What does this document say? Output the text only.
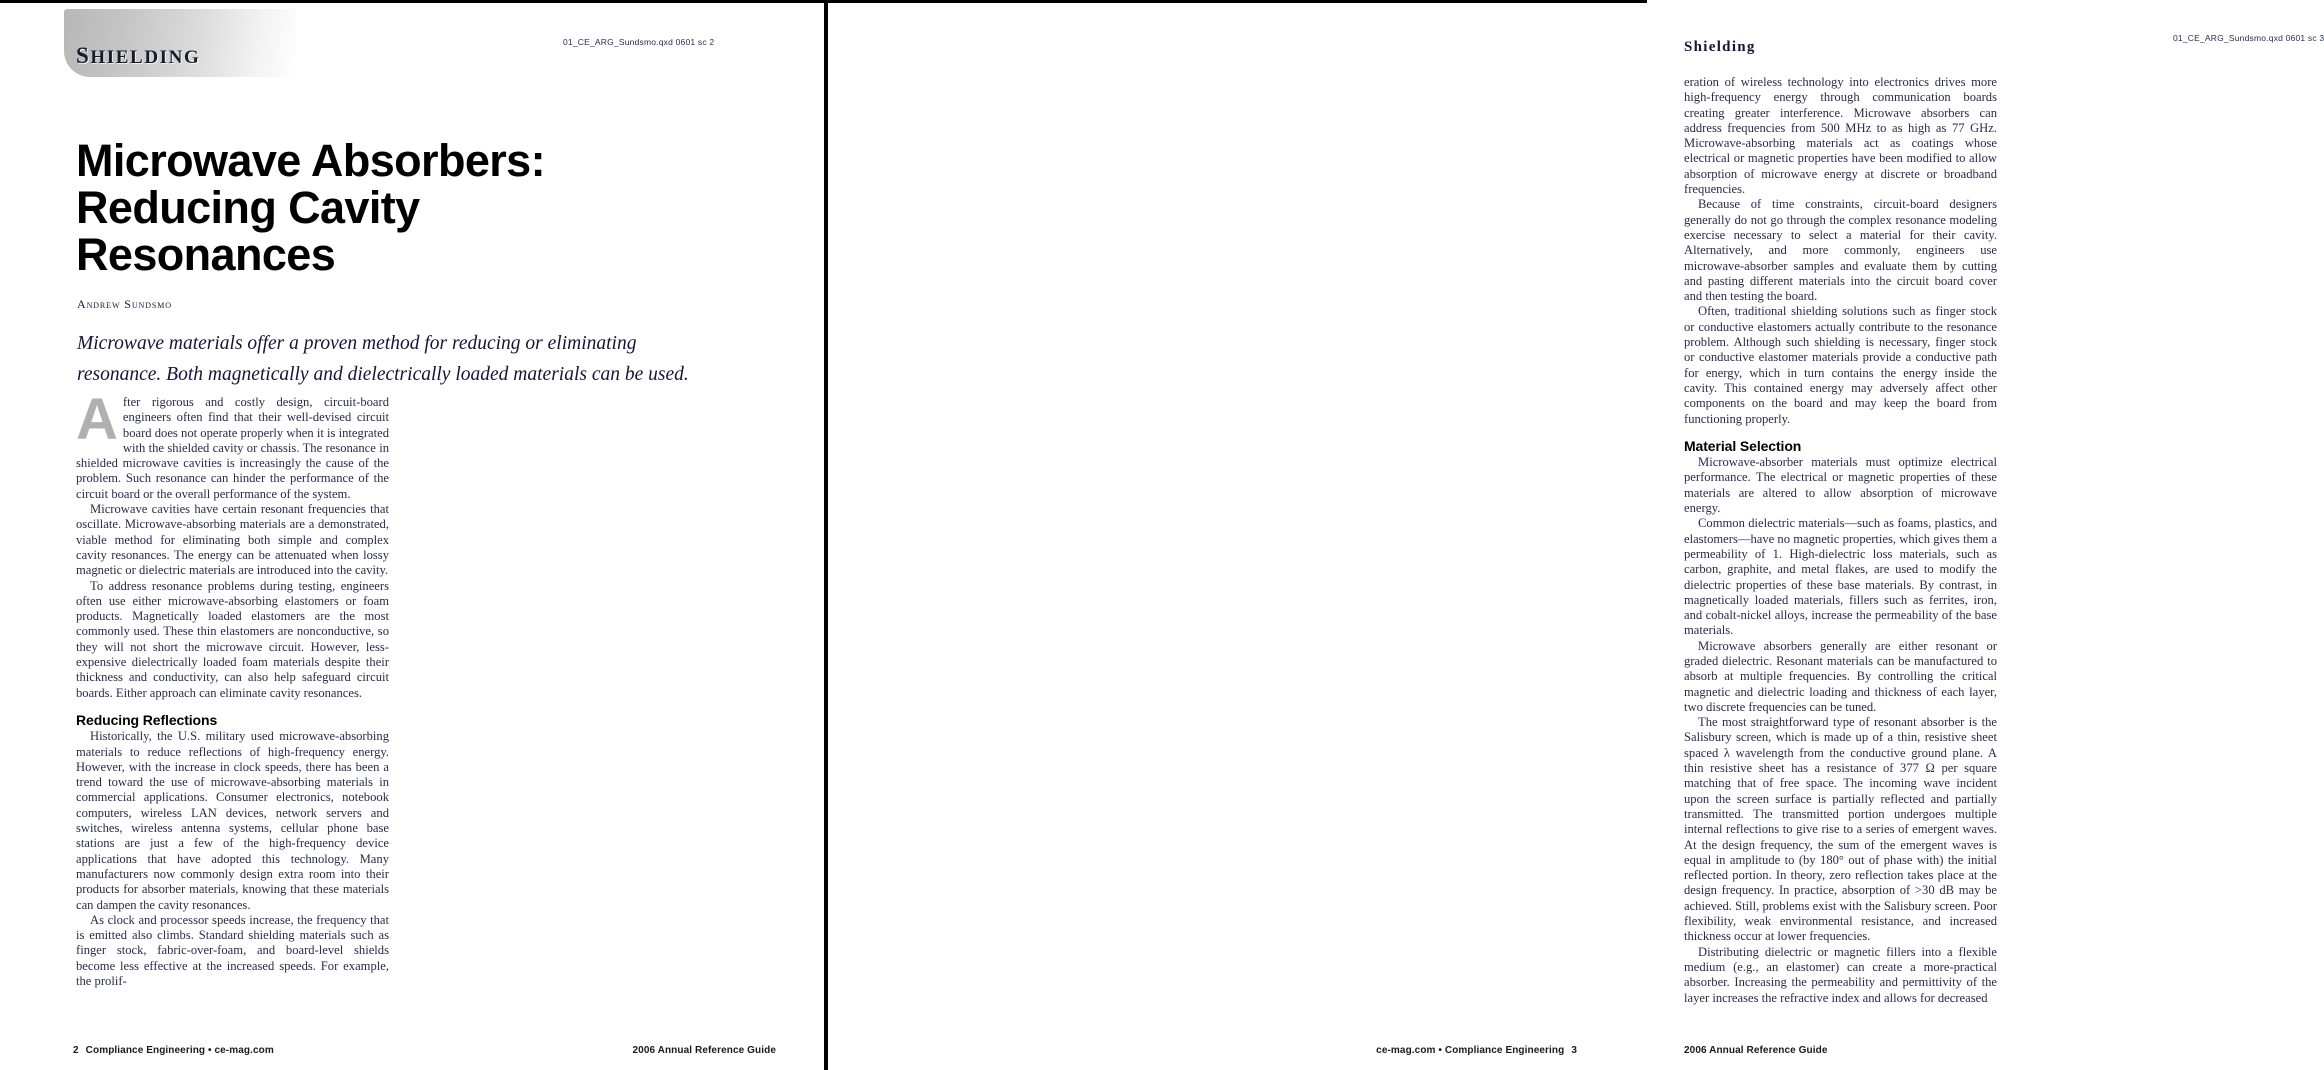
SHIELDING
01_CE_ARG_Sundsmo.qxd 0601 sc 2
Microwave Absorbers:
Reducing Cavity
Resonances
Andrew Sundsmo
Microwave materials offer a proven method for reducing or eliminating resonance. Both magnetically and dielectrically loaded materials can be used.

After rigorous and costly design, circuit-board engineers often find that their well-devised circuit board does not operate properly when it is integrated with the shielded cavity or chassis. The resonance in shielded microwave cavities is increasingly the cause of the problem. Such resonance can hinder the performance of the circuit board or the overall performance of the system.

Microwave cavities have certain resonant frequencies that oscillate. Microwave-absorbing materials are a demonstrated, viable method for eliminating both simple and complex cavity resonances. The energy can be attenuated when lossy magnetic or dielectric materials are introduced into the cavity.

To address resonance problems during testing, engineers often use either microwave-absorbing elastomers or foam products. Magnetically loaded elastomers are the most commonly used. These thin elastomers are nonconductive, so they will not short the microwave circuit. However, less-expensive dielectrically loaded foam materials despite their thickness and conductivity, can also help safeguard circuit boards. Either approach can eliminate cavity resonances.

Reducing Reflections

Historically, the U.S. military used microwave-absorbing materials to reduce reflections of high-frequency energy. However, with the increase in clock speeds, there has been a trend toward the use of microwave-absorbing materials in commercial applications. Consumer electronics, notebook computers, wireless LAN devices, network servers and switches, wireless antenna systems, cellular phone base stations are just a few of the high-frequency device applications that have adopted this technology. Many manufacturers now commonly design extra room into their products for absorber materials, knowing that these materials can dampen the cavity resonances.

As clock and processor speeds increase, the frequency that is emitted also climbs. Standard shielding materials such as finger stock, fabric-over-foam, and board-level shields become less effective at the increased speeds. For example, the prolif-

2 Compliance Engineering • ce-mag.com	2006 Annual Reference Guide
Shielding
01_CE_ARG_Sundsmo.qxd 0601 sc 3

eration of wireless technology into electronics drives more high-frequency energy through communication boards creating greater interference. Microwave absorbers can address frequencies from 500 MHz to as high as 77 GHz. Microwave-absorbing materials act as coatings whose electrical or magnetic properties have been modified to allow absorption of microwave energy at discrete or broadband frequencies.

Because of time constraints, circuit-board designers generally do not go through the complex resonance modeling exercise necessary to select a material for their cavity. Alternatively, and more commonly, engineers use microwave-absorber samples and evaluate them by cutting and pasting different materials into the circuit board cover and then testing the board.

Often, traditional shielding solutions such as finger stock or conductive elastomers actually contribute to the resonance problem. Although such shielding is necessary, finger stock or conductive elastomer materials provide a conductive path for energy, which in turn contains the energy inside the cavity. This contained energy may adversely affect other components on the board and may keep the board from functioning properly.

Material Selection

Microwave-absorber materials must optimize electrical performance. The electrical or magnetic properties of these materials are altered to allow absorption of microwave energy.

Common dielectric materials—such as foams, plastics, and elastomers—have no magnetic properties, which gives them a permeability of 1. High-dielectric loss materials, such as carbon, graphite, and metal flakes, are used to modify the dielectric properties of these base materials. By contrast, in magnetically loaded materials, fillers such as ferrites, iron, and cobalt-nickel alloys, increase the permeability of the base materials.

Microwave absorbers generally are either resonant or graded dielectric. Resonant materials can be manufactured to absorb at multiple frequencies. By controlling the critical magnetic and dielectric loading and thickness of each layer, two discrete frequencies can be tuned.

The most straightforward type of resonant absorber is the Salisbury screen, which is made up of a thin, resistive sheet spaced λ wavelength from the conductive ground plane. A thin resistive sheet has a resistance of 377 Ω per square matching that of free space. The incoming wave incident upon the screen surface is partially reflected and partially transmitted. The transmitted portion undergoes multiple internal reflections to give rise to a series of emergent waves. At the design frequency, the sum of the emergent waves is equal in amplitude to (by 180° out of phase with) the initial reflected portion. In theory, zero reflection takes place at the design frequency. In practice, absorption of >30 dB may be achieved. Still, problems exist with the Salisbury screen. Poor flexibility, weak environmental resistance, and increased thickness occur at lower frequencies.

Distributing dielectric or magnetic fillers into a flexible medium (e.g., an elastomer) can create a more-practical absorber. Increasing the permeability and permittivity of the layer increases the refractive index and allows for decreased

2006 Annual Reference Guide
ce-mag.com • Compliance Engineering 3
